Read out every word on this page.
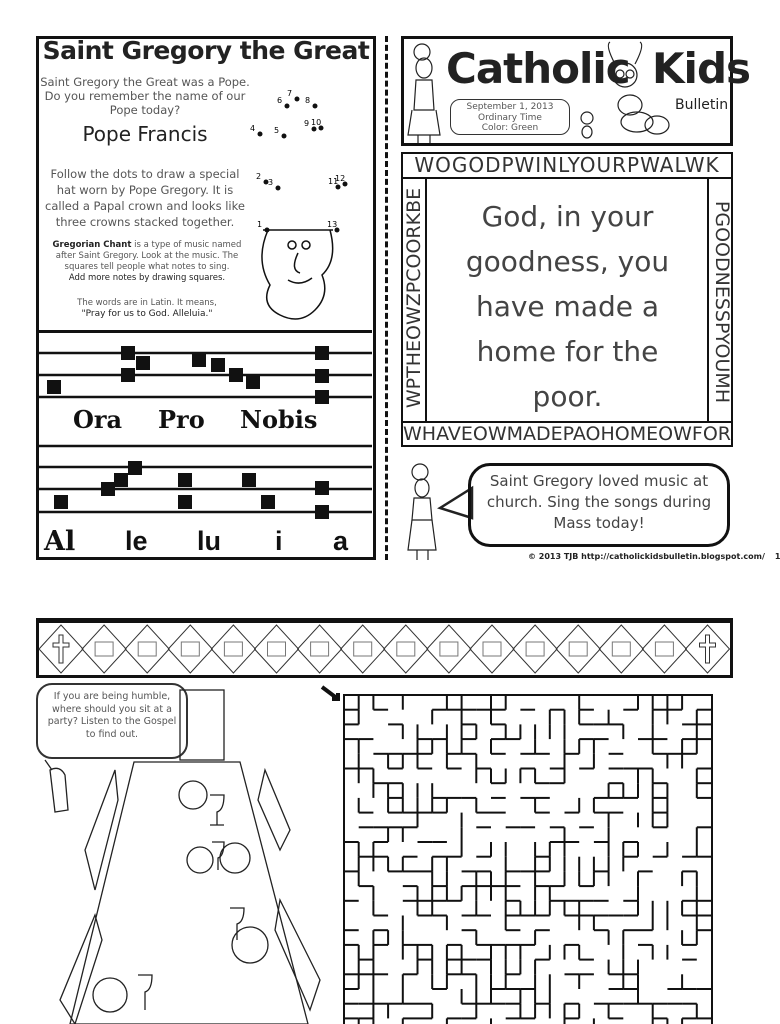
Saint Gregory the Great
Saint Gregory the Great was a Pope. Do you remember the name of our Pope today?
Pope Francis
Follow the dots to draw a special hat worn by Pope Gregory. It is called a Papal crown and looks like three crowns stacked together.
Gregorian Chant is a type of music named after Saint Gregory. Look at the music. The squares tell people what notes to sing.
Add more notes by drawing squares.
The words are in Latin. It means,
"Pray for us to God. Alleluia."
1
2
3
4 5
6
7
8
9 10
11
12
13
Ora Pro Nobis
Al le lu i a
Catholic Kids
Bulletin
September 1, 2013
Ordinary Time
Color: Green
WOGODPWINLYOURPWALWK
WPTHEOWZPCOORKBE	PGOODNESSPYOUMH
WHAVEOWMADEPAOHOMEOWFOR
God, in your
goodness, you
have made a
home for the
poor.
Saint Gregory loved music at church. Sing the songs during Mass today!
© 2013 TJB http://catholickidsbulletin.blogspot.com/ 1
If you are being humble, where should you sit at a party? Listen to the Gospel to find out.
